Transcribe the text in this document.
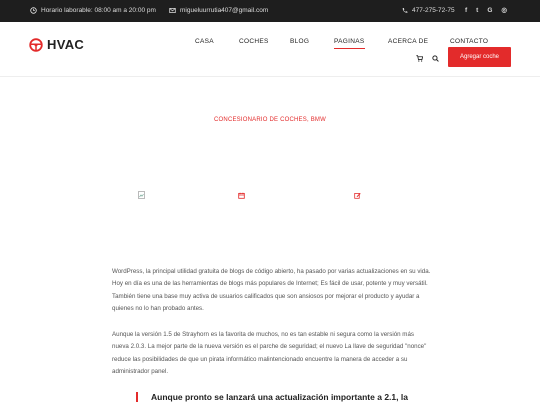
Horario laborable: 08:00 am a 20:00 pm	migueluurrutia407@gmail.com	477-275-72-75 f t G ◎
HVAC	CASA	COCHES	BLOG	PAGINAS	ACERCA DE	CONTACTO
Agregar coche
CONCESIONARIO DE COCHES, BMW

WordPress, la principal utilidad gratuita de blogs de código abierto, ha pasado por varias actualizaciones en su vida. Hoy en día es una de las herramientas de blogs más populares de Internet; Es fácil de usar, potente y muy versátil. También tiene una base muy activa de usuarios calificados que son ansiosos por mejorar el producto y ayudar a quienes no lo han probado antes.

Aunque la versión 1.5 de Strayhorn es la favorita de muchos, no es tan estable ni segura como la versión más nueva 2.0.3. La mejor parte de la nueva versión es el parche de seguridad; el nuevo La llave de seguridad "nonce" reduce las posibilidades de que un pirata informático malintencionado encuentre la manera de acceder a su administrador panel.

Aunque pronto se lanzará una actualización importante a 2.1, la
